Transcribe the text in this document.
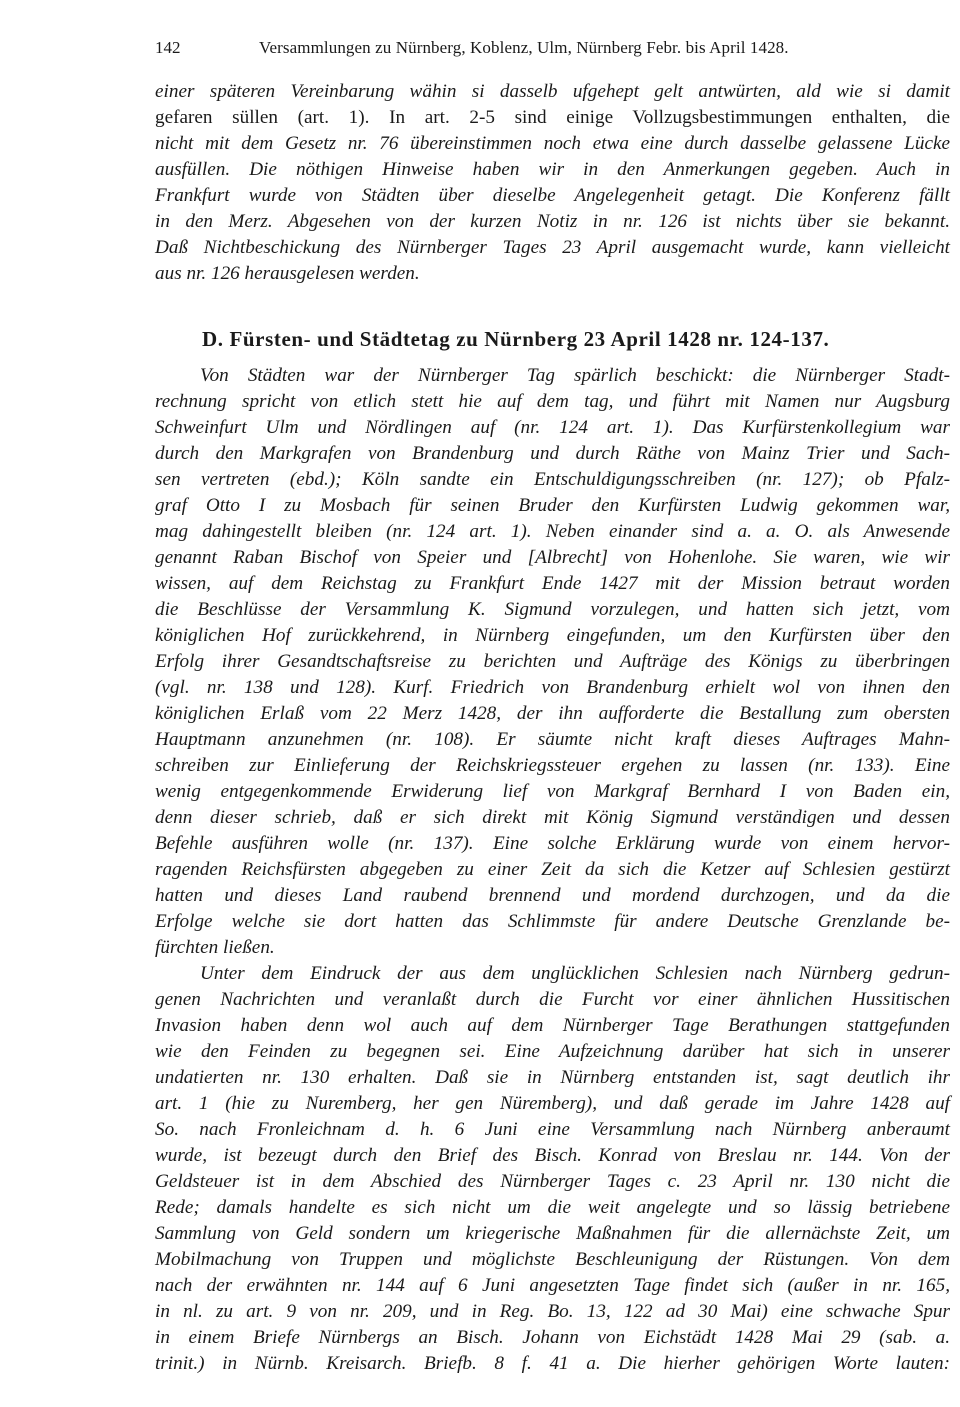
142	Versammlungen zu Nürnberg, Koblenz, Ulm, Nürnberg Febr. bis April 1428.
einer späteren Vereinbarung wähin si dasselb ufgehept gelt antwürten, ald wie si damit
gefaren süllen (art. 1). In art. 2-5 sind einige Vollzugsbestimmungen enthalten, die
nicht mit dem Gesetz nr. 76 übereinstimmen noch etwa eine durch dasselbe gelassene Lücke
ausfüllen. Die nöthigen Hinweise haben wir in den Anmerkungen gegeben. Auch in
Frankfurt wurde von Städten über dieselbe Angelegenheit getagt. Die Konferenz fällt
in den Merz. Abgesehen von der kurzen Notiz in nr. 126 ist nichts über sie bekannt.
Daß Nichtbeschickung des Nürnberger Tages 23 April ausgemacht wurde, kann vielleicht
aus nr. 126 herausgelesen werden.
D. Fürsten- und Städtetag zu Nürnberg 23 April 1428 nr. 124-137.
Von Städten war der Nürnberger Tag spärlich beschickt: die Nürnberger Stadt-
rechnung spricht von etlich stett hie auf dem tag, und führt mit Namen nur Augsburg
Schweinfurt Ulm und Nördlingen auf (nr. 124 art. 1). Das Kurfürstenkollegium war
durch den Markgrafen von Brandenburg und durch Räthe von Mainz Trier und Sach-
sen vertreten (ebd.); Köln sandte ein Entschuldigungsschreiben (nr. 127); ob Pfalz-
graf Otto I zu Mosbach für seinen Bruder den Kurfürsten Ludwig gekommen war,
mag dahingestellt bleiben (nr. 124 art. 1). Neben einander sind a. a. O. als Anwesende
genannt Raban Bischof von Speier und [Albrecht] von Hohenlohe. Sie waren, wie wir
wissen, auf dem Reichstag zu Frankfurt Ende 1427 mit der Mission betraut worden
die Beschlüsse der Versammlung K. Sigmund vorzulegen, und hatten sich jetzt, vom
königlichen Hof zurückkehrend, in Nürnberg eingefunden, um den Kurfürsten über den
Erfolg ihrer Gesandtschaftsreise zu berichten und Aufträge des Königs zu überbringen
(vgl. nr. 138 und 128). Kurf. Friedrich von Brandenburg erhielt wol von ihnen den
königlichen Erlaß vom 22 Merz 1428, der ihn aufforderte die Bestallung zum obersten
Hauptmann anzunehmen (nr. 108). Er säumte nicht kraft dieses Auftrages Mahn-
schreiben zur Einlieferung der Reichskriegssteuer ergehen zu lassen (nr. 133). Eine
wenig entgegenkommende Erwiderung lief von Markgraf Bernhard I von Baden ein,
denn dieser schrieb, daß er sich direkt mit König Sigmund verständigen und dessen
Befehle ausführen wolle (nr. 137). Eine solche Erklärung wurde von einem hervor-
ragenden Reichsfürsten abgegeben zu einer Zeit da sich die Ketzer auf Schlesien gestürzt
hatten und dieses Land raubend brennend und mordend durchzogen, und da die
Erfolge welche sie dort hatten das Schlimmste für andere Deutsche Grenzlande be-
fürchten ließen.
Unter dem Eindruck der aus dem unglücklichen Schlesien nach Nürnberg gedrun-
genen Nachrichten und veranlaßt durch die Furcht vor einer ähnlichen Hussitischen
Invasion haben denn wol auch auf dem Nürnberger Tage Berathungen stattgefunden
wie den Feinden zu begegnen sei. Eine Aufzeichnung darüber hat sich in unserer
undatierten nr. 130 erhalten. Daß sie in Nürnberg entstanden ist, sagt deutlich ihr
art. 1 (hie zu Nuremberg, her gen Nüremberg), und daß gerade im Jahre 1428 auf
So. nach Fronleichnam d. h. 6 Juni eine Versammlung nach Nürnberg anberaumt
wurde, ist bezeugt durch den Brief des Bisch. Konrad von Breslau nr. 144. Von der
Geldsteuer ist in dem Abschied des Nürnberger Tages c. 23 April nr. 130 nicht die
Rede; damals handelte es sich nicht um die weit angelegte und so lässig betriebene
Sammlung von Geld sondern um kriegerische Maßnahmen für die allernächste Zeit, um
Mobilmachung von Truppen und möglichste Beschleunigung der Rüstungen. Von dem
nach der erwähnten nr. 144 auf 6 Juni angesetzten Tage findet sich (außer in nr. 165,
in nl. zu art. 9 von nr. 209, und in Reg. Bo. 13, 122 ad 30 Mai) eine schwache Spur
in einem Briefe Nürnbergs an Bisch. Johann von Eichstädt 1428 Mai 29 (sab. a.
trinit.) in Nürnb. Kreisarch. Briefb. 8 f. 41 a. Die hierher gehörigen Worte lauten:
